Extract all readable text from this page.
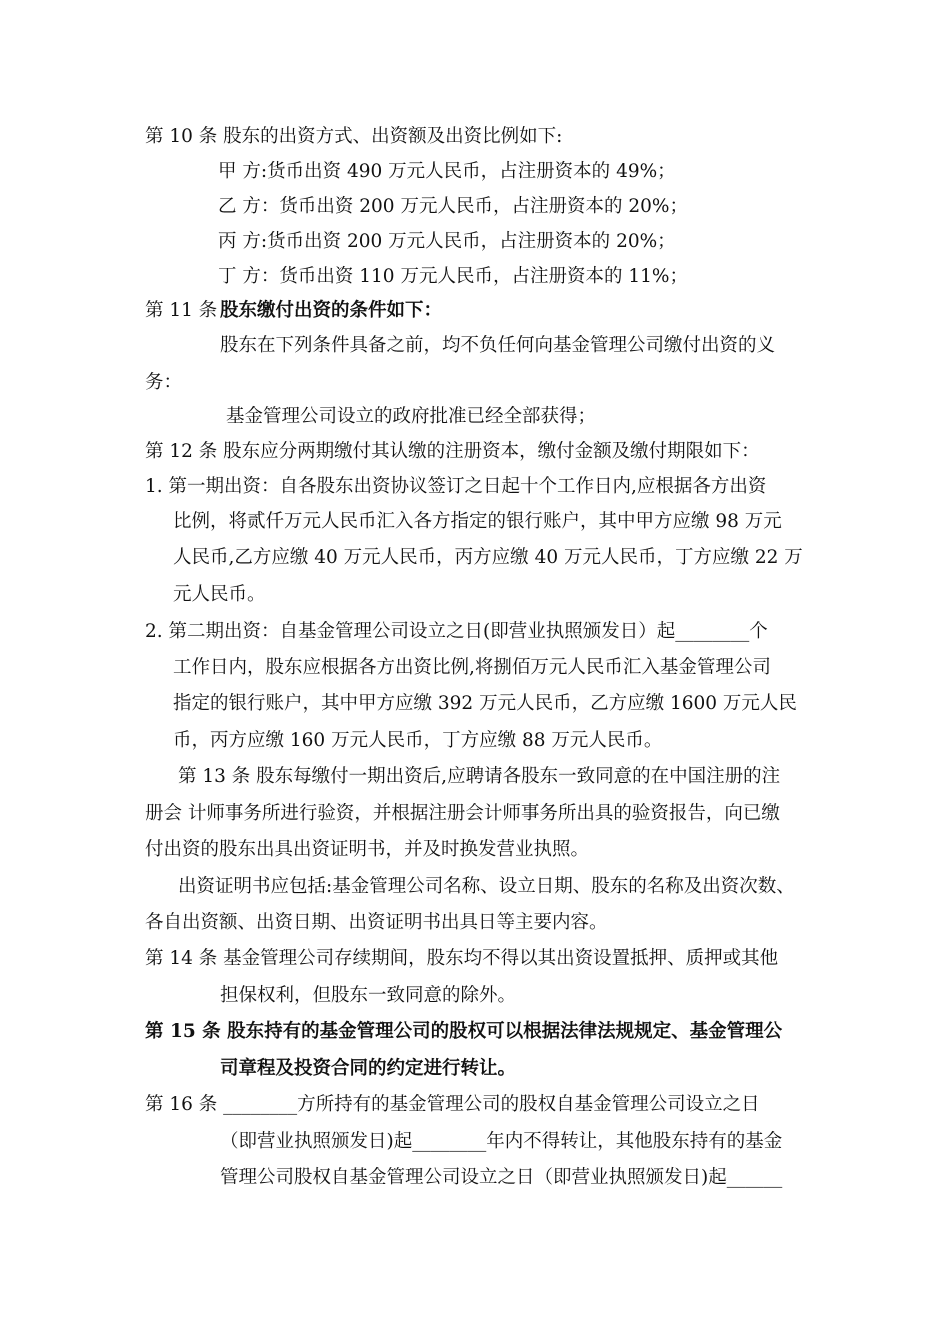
第 10 条 股东的出资方式、出资额及出资比例如下:
甲 方:货币出资 490 万元人民币，占注册资本的 49%；
乙 方：货币出资 200 万元人民币，占注册资本的 20%；
丙 方:货币出资 200 万元人民币，占注册资本的 20%；
丁 方：货币出资 110 万元人民币，占注册资本的 11%；
第 11 条 股东缴付出资的条件如下：
股东在下列条件具备之前，均不负任何向基金管理公司缴付出资的义
务：
基金管理公司设立的政府批准已经全部获得；
第 12 条 股东应分两期缴付其认缴的注册资本，缴付金额及缴付期限如下：
1. 第一期出资：自各股东出资协议签订之日起十个工作日内,应根据各方出资
比例，将贰仟万元人民币汇入各方指定的银行账户，其中甲方应缴 98 万元
人民币,乙方应缴 40 万元人民币，丙方应缴 40 万元人民币，丁方应缴 22 万
元人民币。
2. 第二期出资：自基金管理公司设立之日(即营业执照颁发日）起________个
工作日内，股东应根据各方出资比例,将捌佰万元人民币汇入基金管理公司
指定的银行账户，其中甲方应缴 392 万元人民币，乙方应缴 1600 万元人民
币，丙方应缴 160 万元人民币，丁方应缴 88 万元人民币。
第 13 条 股东每缴付一期出资后,应聘请各股东一致同意的在中国注册的注
册会 计师事务所进行验资，并根据注册会计师事务所出具的验资报告，向已缴
付出资的股东出具出资证明书，并及时换发营业执照。
出资证明书应包括:基金管理公司名称、设立日期、股东的名称及出资次数、
各自出资额、出资日期、出资证明书出具日等主要内容。
第 14 条 基金管理公司存续期间，股东均不得以其出资设置抵押、质押或其他
担保权利，但股东一致同意的除外。
第 15 条 股东持有的基金管理公司的股权可以根据法律法规规定、基金管理公
司章程及投资合同的约定进行转让。
第 16 条 ________方所持有的基金管理公司的股权自基金管理公司设立之日
（即营业执照颁发日)起________年内不得转让，其他股东持有的基金
管理公司股权自基金管理公司设立之日（即营业执照颁发日)起______
